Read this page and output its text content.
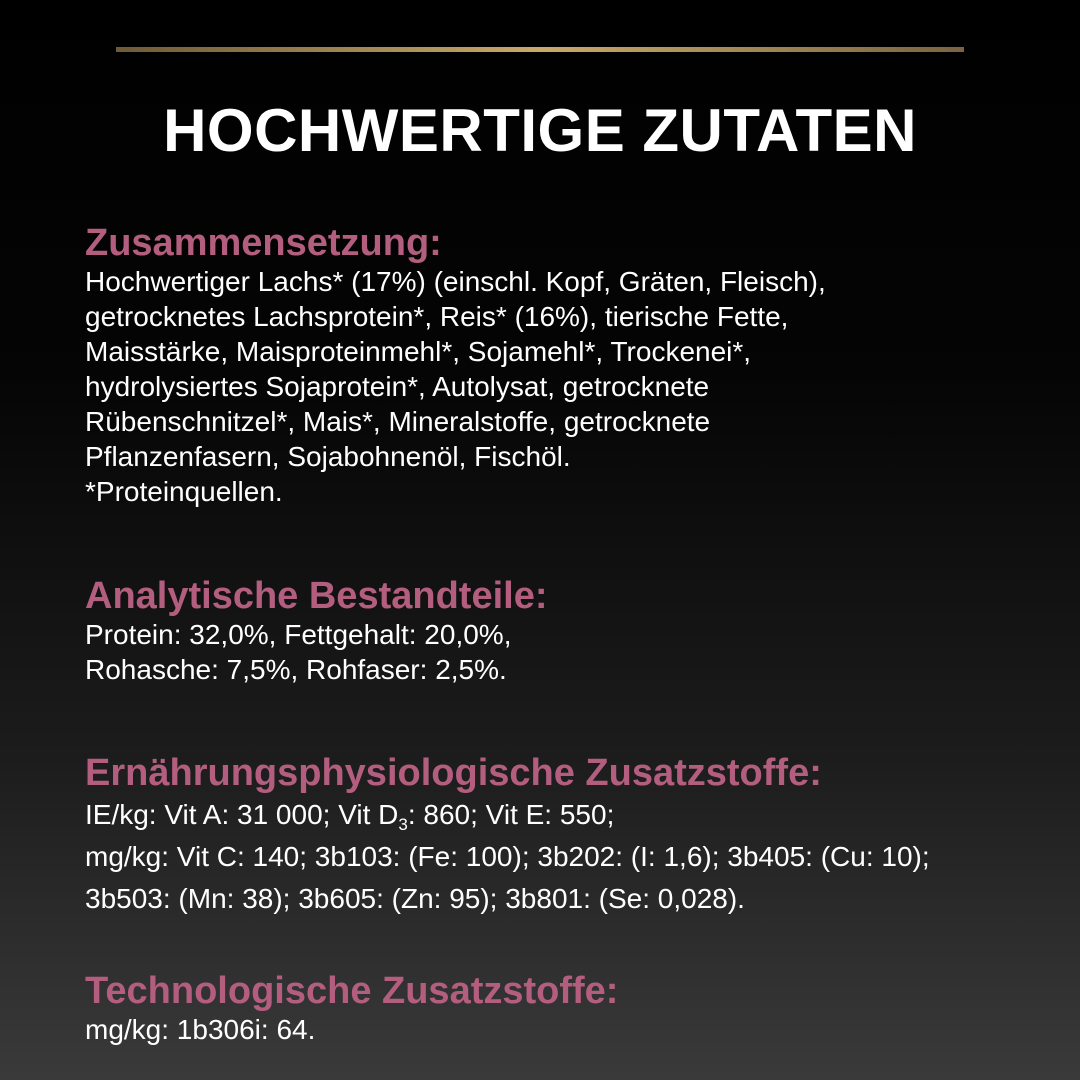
HOCHWERTIGE ZUTATEN

Zusammensetzung:

Hochwertiger Lachs* (17%) (einschl. Kopf, Gräten, Fleisch),
getrocknetes Lachsprotein*, Reis* (16%), tierische Fette,
Maisstärke, Maisproteinmehl*, Sojamehl*, Trockenei*,
hydrolysiertes Sojaprotein*, Autolysat, getrocknete
Rübenschnitzel*, Mais*, Mineralstoffe, getrocknete
Pflanzenfasern, Sojabohnenöl, Fischöl.
*Proteinquellen.

Analytische Bestandteile:

Protein: 32,0%, Fettgehalt: 20,0%,
Rohasche: 7,5%, Rohfaser: 2,5%.

Ernährungsphysiologische Zusatzstoffe:

IE/kg: Vit A: 31 000; Vit $D_3$: 860; Vit E: 550;
mg/kg: Vit C: 140; 3b103: (Fe: 100); 3b202: (I: 1,6); 3b405: (Cu: 10);
3b503: (Mn: 38); 3b605: (Zn: 95); 3b801: (Se: 0,028).

Technologische Zusatzstoffe:

mg/kg: 1b306i: 64.
